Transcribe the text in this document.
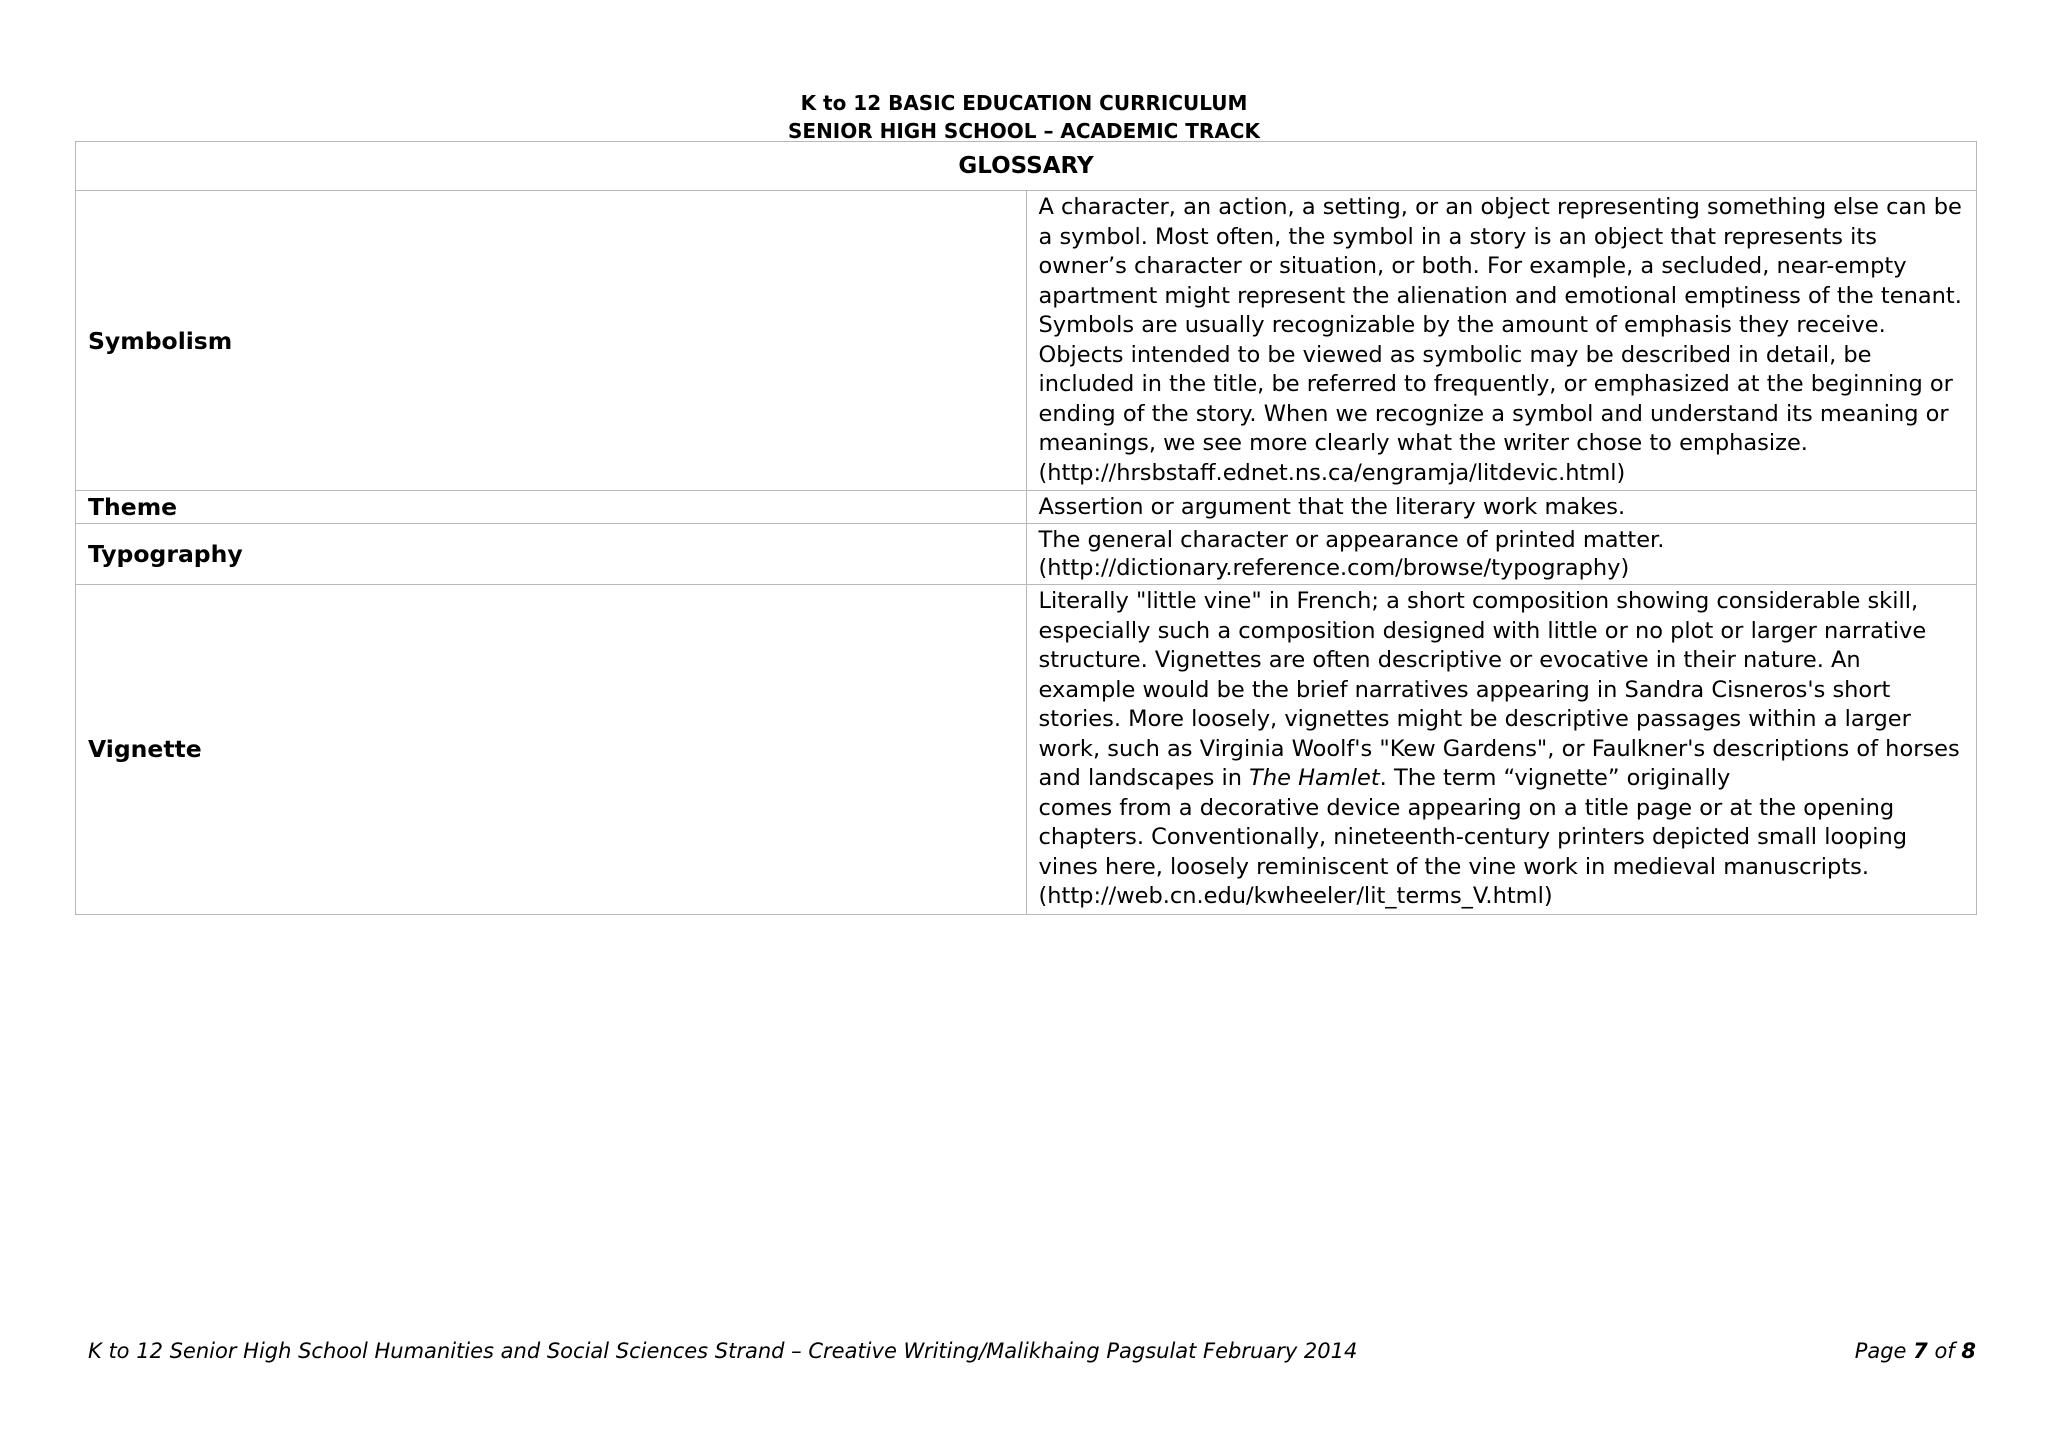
K to 12 BASIC EDUCATION CURRICULUM
SENIOR HIGH SCHOOL – ACADEMIC TRACK
GLOSSARY	
Symbolism	A character, an action, a setting, or an object representing something else can be a symbol. Most often, the symbol in a story is an object that represents its owner’s character or situation, or both. For example, a secluded, near-empty apartment might represent the alienation and emotional emptiness of the tenant. Symbols are usually recognizable by the amount of emphasis they receive. Objects intended to be viewed as symbolic may be described in detail, be included in the title, be referred to frequently, or emphasized at the beginning or ending of the story. When we recognize a symbol and understand its meaning or meanings, we see more clearly what the writer chose to emphasize. (http://hrsbstaff.ednet.ns.ca/engramja/litdevic.html)
Theme	Assertion or argument that the literary work makes.
Typography	The general character or appearance of printed matter. (http://dictionary.reference.com/browse/typography)
Vignette	Literally "little vine" in French; a short composition showing considerable skill, especially such a composition designed with little or no plot or larger narrative structure. Vignettes are often descriptive or evocative in their nature. An example would be the brief narratives appearing in Sandra Cisneros's short stories. More loosely, vignettes might be descriptive passages within a larger work, such as Virginia Woolf's "Kew Gardens", or Faulkner's descriptions of horses and landscapes in The Hamlet. The term “vignette” originally
comes from a decorative device appearing on a title page or at the opening chapters. Conventionally, nineteenth-century printers depicted small looping vines here, loosely reminiscent of the vine work in medieval manuscripts.
(http://web.cn.edu/kwheeler/lit_terms_V.html)
K to 12 Senior High School Humanities and Social Sciences Strand – Creative Writing/Malikhaing Pagsulat February 2014	Page 7 of 8
